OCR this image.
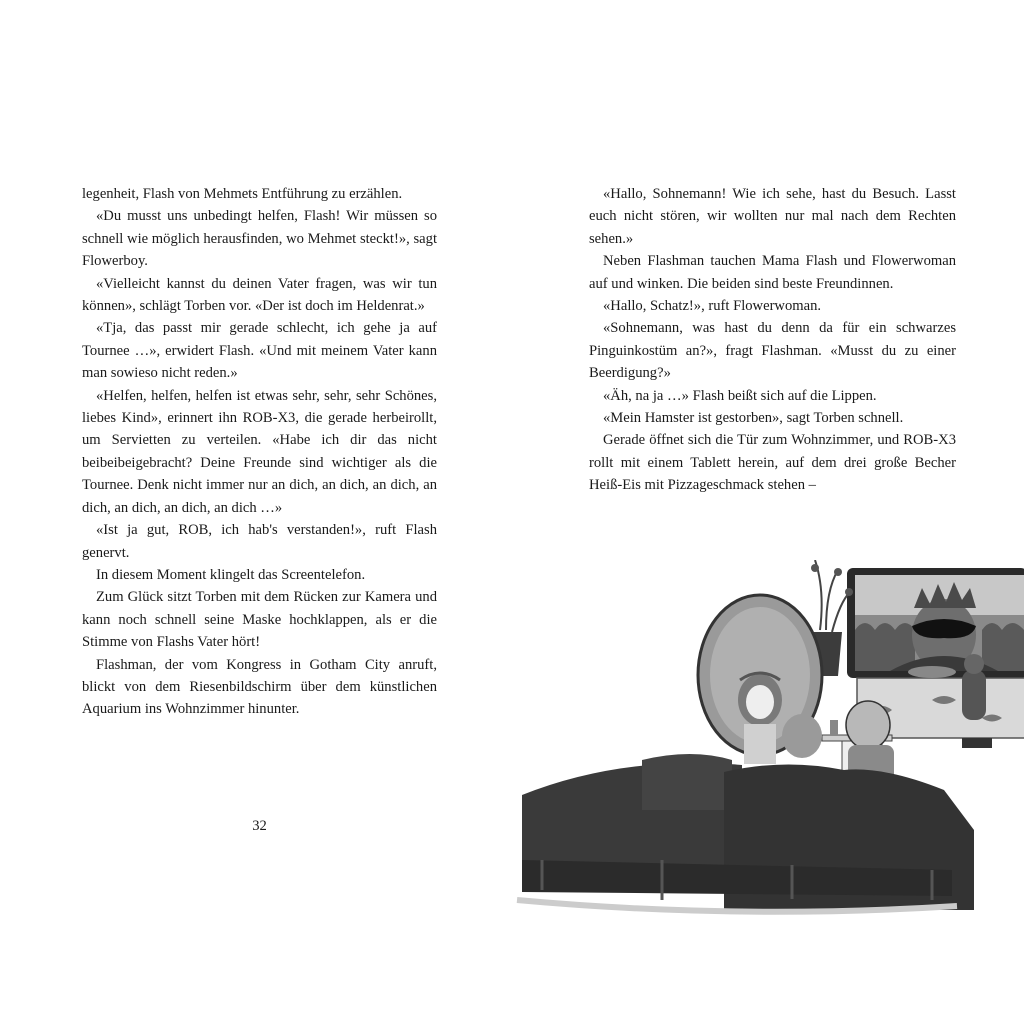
legenheit, Flash von Mehmets Entführung zu erzählen.

«Du musst uns unbedingt helfen, Flash! Wir müssen so schnell wie möglich herausfinden, wo Mehmet steckt!», sagt Flowerboy.

«Vielleicht kannst du deinen Vater fragen, was wir tun können», schlägt Torben vor. «Der ist doch im Heldenrat.»

«Tja, das passt mir gerade schlecht, ich gehe ja auf Tournee …», erwidert Flash. «Und mit meinem Vater kann man sowieso nicht reden.»

«Helfen, helfen, helfen ist etwas sehr, sehr, sehr Schönes, liebes Kind», erinnert ihn ROB-X3, die gerade herbeirollt, um Servietten zu verteilen. «Habe ich dir das nicht beibeibeigebracht? Deine Freunde sind wichtiger als die Tournee. Denk nicht immer nur an dich, an dich, an dich, an dich, an dich, an dich, an dich …»

«Ist ja gut, ROB, ich hab's verstanden!», ruft Flash genervt.

In diesem Moment klingelt das Screentelefon.

Zum Glück sitzt Torben mit dem Rücken zur Kamera und kann noch schnell seine Maske hochklappen, als er die Stimme von Flashs Vater hört!

Flashman, der vom Kongress in Gotham City anruft, blickt von dem Riesenbildschirm über dem künstlichen Aquarium ins Wohnzimmer hinunter.

32

«Hallo, Sohnemann! Wie ich sehe, hast du Besuch. Lasst euch nicht stören, wir wollten nur mal nach dem Rechten sehen.»

Neben Flashman tauchen Mama Flash und Flowerwoman auf und winken. Die beiden sind beste Freundinnen.

«Hallo, Schatz!», ruft Flowerwoman.

«Sohnemann, was hast du denn da für ein schwarzes Pinguinkostüm an?», fragt Flashman. «Musst du zu einer Beerdigung?»

«Äh, na ja …» Flash beißt sich auf die Lippen.

«Mein Hamster ist gestorben», sagt Torben schnell.

Gerade öffnet sich die Tür zum Wohnzimmer, und ROB-X3 rollt mit einem Tablett herein, auf dem drei große Becher Heiß-Eis mit Pizzageschmack stehen –
